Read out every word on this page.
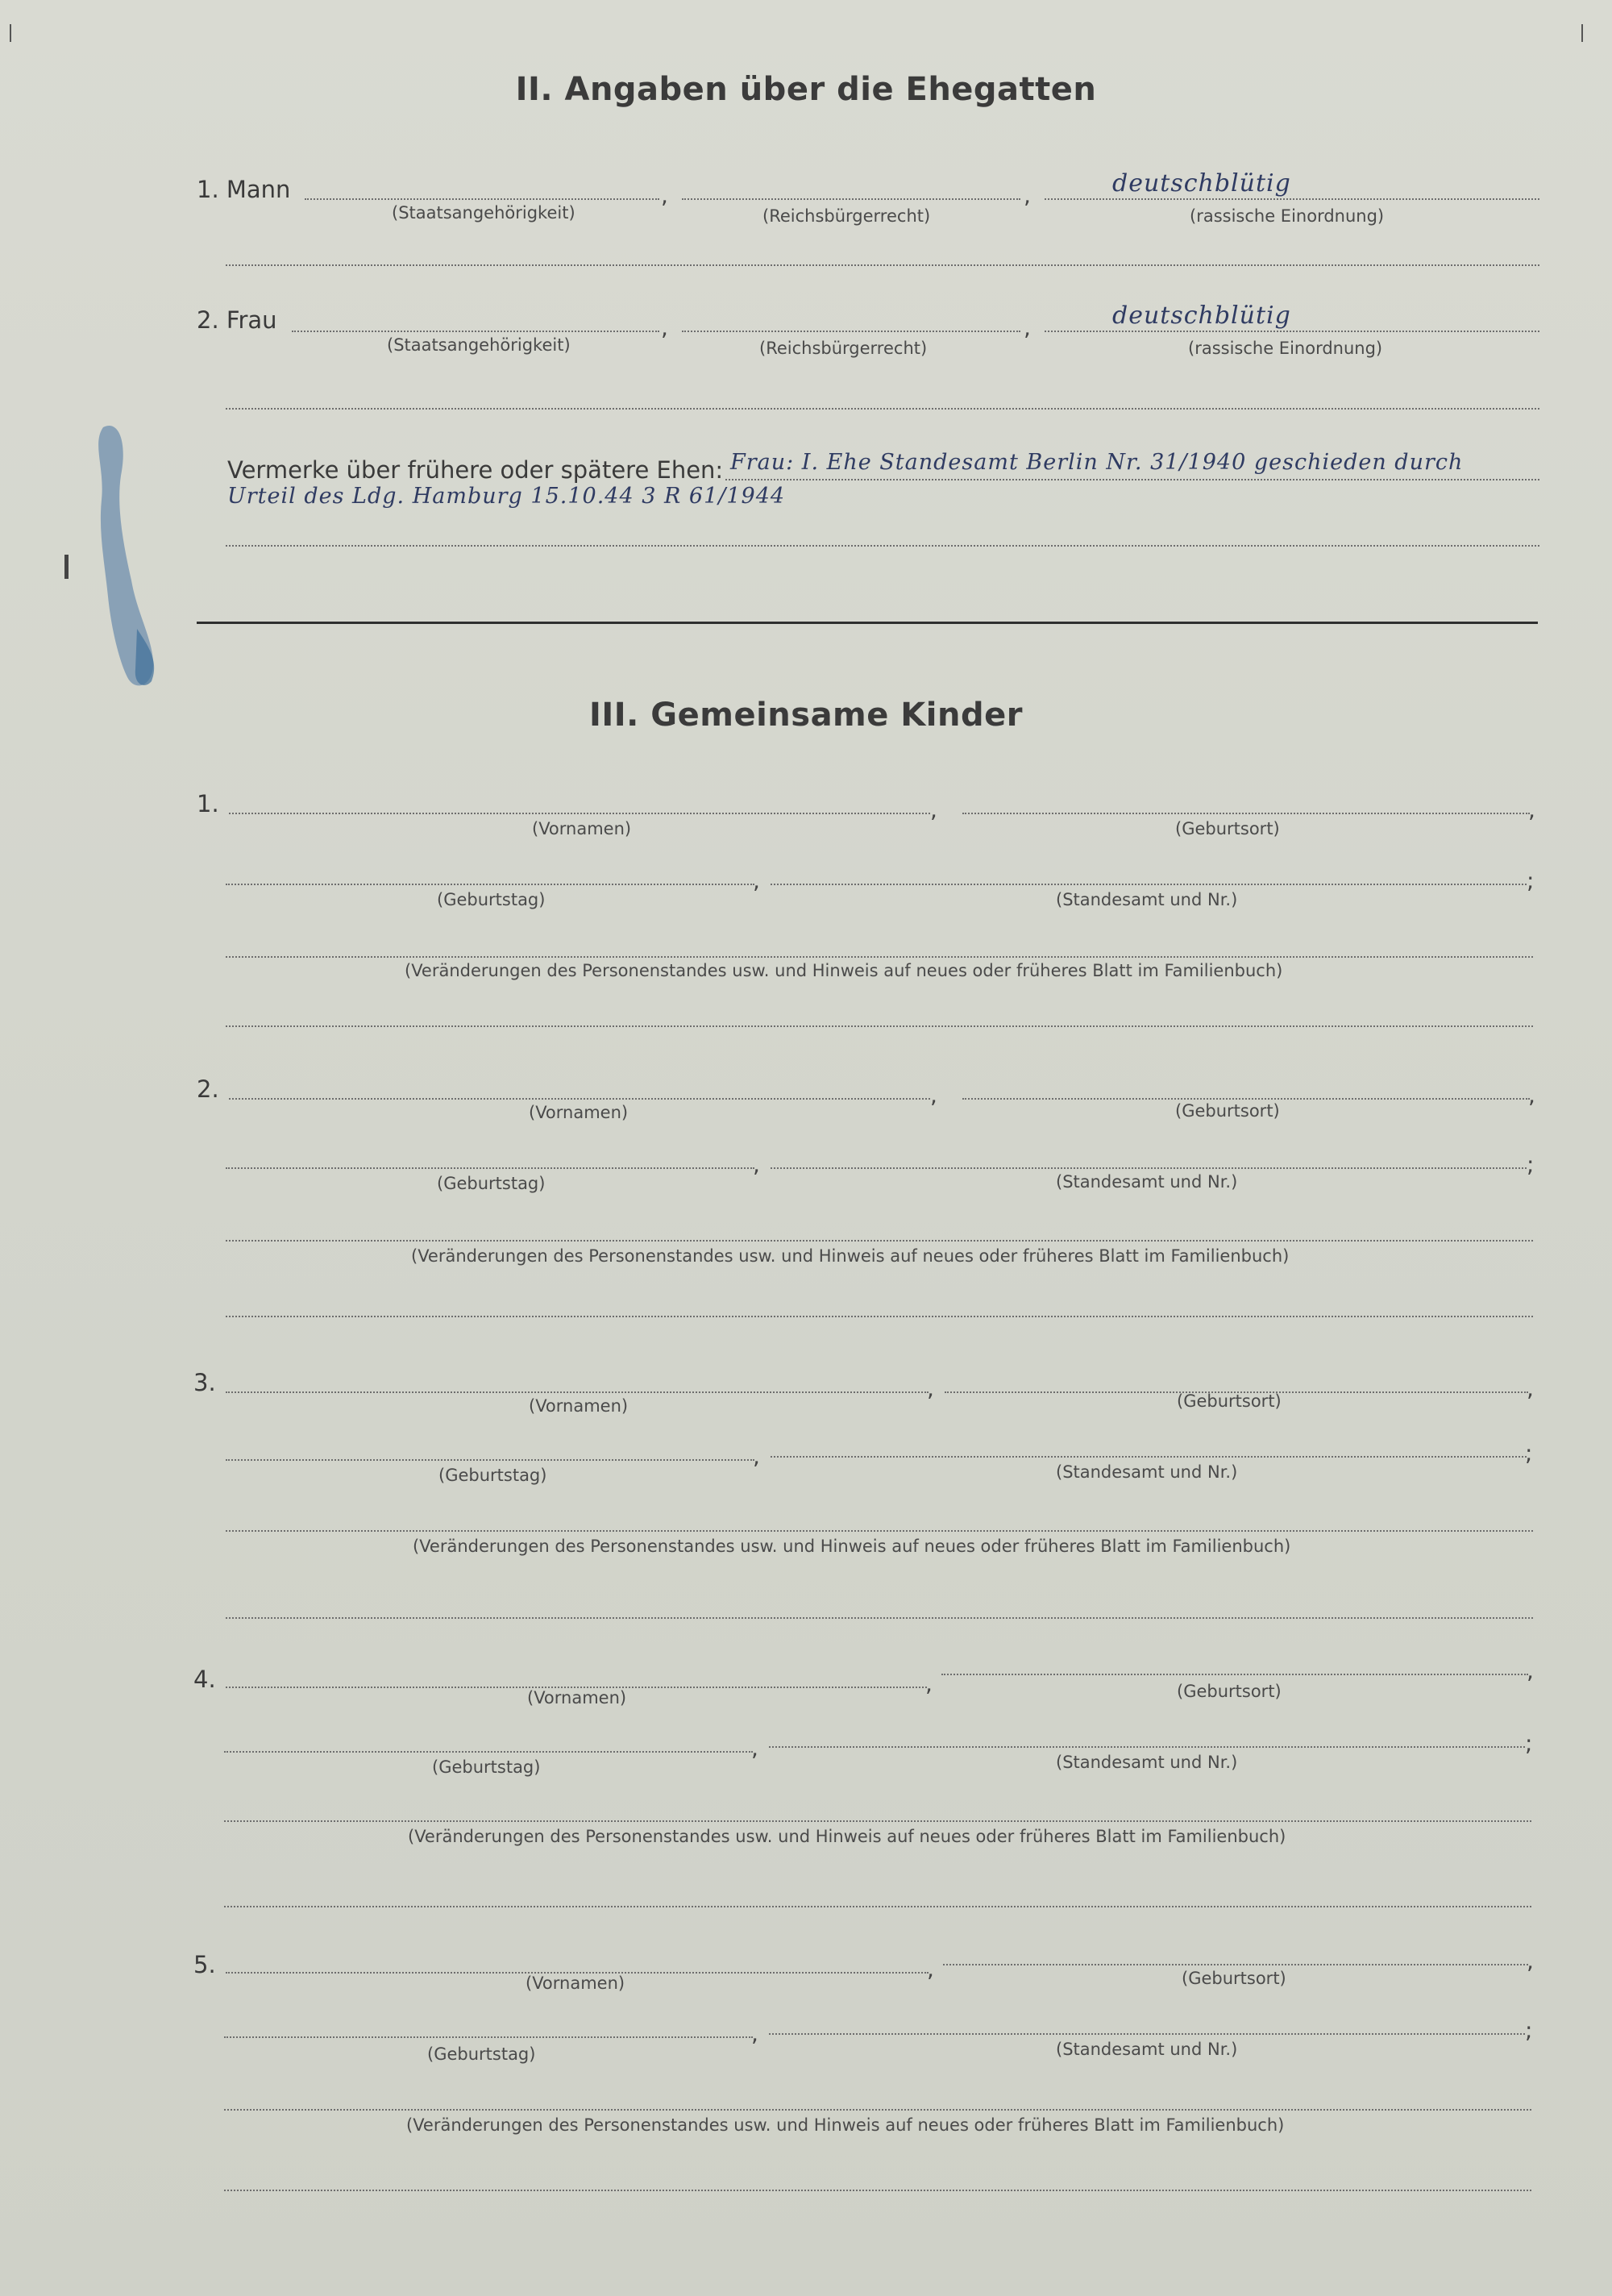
II. Angaben über die Ehegatten
1. Mann	,	,	deutschblütig
(Staatsangehörigkeit)	(Reichsbürgerrecht)	(rassische Einordnung)
2. Frau	,	,	deutschblütig
(Staatsangehörigkeit)	(Reichsbürgerrecht)	(rassische Einordnung)
Vermerke über frühere oder spätere Ehen: Frau: I. Ehe Standesamt Berlin Nr. 31/1940 geschieden durch
Urteil des Ldg. Hamburg 15.10.44 3 R 61/1944
III. Gemeinsame Kinder
1.	,	,
(Vornamen)	(Geburtsort)
,	;
(Geburtstag)	(Standesamt und Nr.)
(Veränderungen des Personenstandes usw. und Hinweis auf neues oder früheres Blatt im Familienbuch)
2.	,	,
(Vornamen)	(Geburtsort)
,	;
(Geburtstag)	(Standesamt und Nr.)
(Veränderungen des Personenstandes usw. und Hinweis auf neues oder früheres Blatt im Familienbuch)
3.	,	,
(Vornamen)	(Geburtsort)
,	;
(Geburtstag)	(Standesamt und Nr.)
(Veränderungen des Personenstandes usw. und Hinweis auf neues oder früheres Blatt im Familienbuch)
4.	,	,
(Vornamen)	(Geburtsort)
,	;
(Geburtstag)	(Standesamt und Nr.)
(Veränderungen des Personenstandes usw. und Hinweis auf neues oder früheres Blatt im Familienbuch)
5.	,	,
(Vornamen)	(Geburtsort)
,	;
(Geburtstag)	(Standesamt und Nr.)
(Veränderungen des Personenstandes usw. und Hinweis auf neues oder früheres Blatt im Familienbuch)
